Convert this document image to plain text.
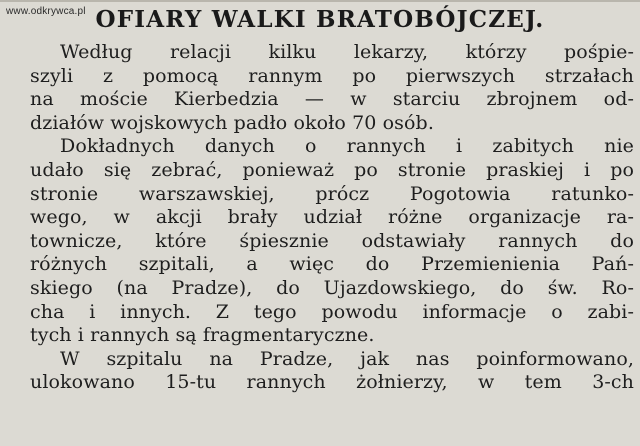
www.odkrywca.pl OFIARY WALKI BRATOBÓJCZEJ.
Według relacji kilku lekarzy, którzy pośpie-
szyli z pomocą rannym po pierwszych strzałach
na moście Kierbedzia — w starciu zbrojnem od-
działów wojskowych padło około 70 osób.
Dokładnych danych o rannych i zabitych nie
udało się zebrać, ponieważ po stronie praskiej i po
stronie warszawskiej, prócz Pogotowia ratunko-
wego, w akcji brały udział różne organizacje ra-
townicze, które śpiesznie odstawiały rannych do
różnych szpitali, a więc do Przemienienia Pań-
skiego (na Pradze), do Ujazdowskiego, do św. Ro-
cha i innych. Z tego powodu informacje o zabi-
tych i rannych są fragmentaryczne.
W szpitalu na Pradze, jak nas poinformowano,
ulokowano 15-tu rannych żołnierzy, w tem 3-ch
